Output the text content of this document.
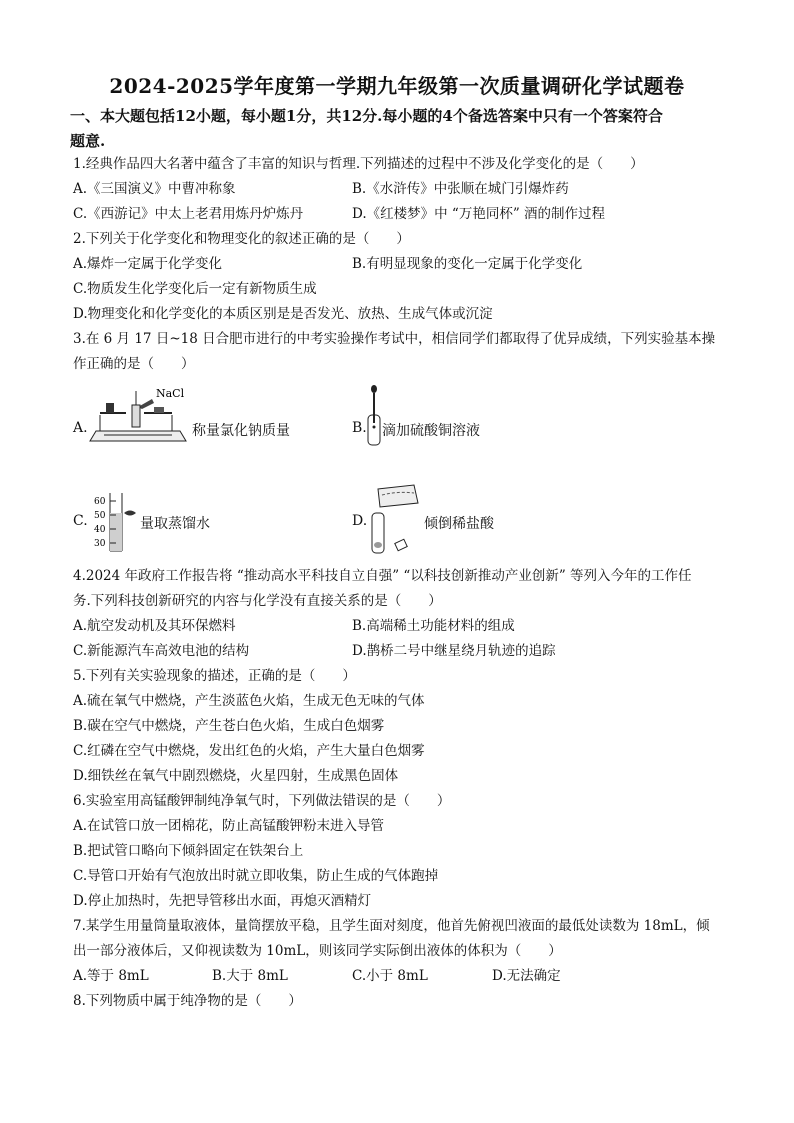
2024-2025学年度第一学期九年级第一次质量调研化学试题卷
一、本大题包括12小题，每小题1分，共12分.每小题的4个备选答案中只有一个答案符合
题意.
1.经典作品四大名著中蕴含了丰富的知识与哲理.下列描述的过程中不涉及化学变化的是（　　）
A.《三国演义》中曹冲称象	B.《水浒传》中张顺在城门引爆炸药
C.《西游记》中太上老君用炼丹炉炼丹	D.《红楼梦》中 “万艳同杯” 酒的制作过程
2.下列关于化学变化和物理变化的叙述正确的是（　　）
A.爆炸一定属于化学变化	B.有明显现象的变化一定属于化学变化
C.物质发生化学变化后一定有新物质生成
D.物理变化和化学变化的本质区别是是否发光、放热、生成气体或沉淀
3.在 6 月 17 日~18 日合肥市进行的中考实验操作考试中，相信同学们都取得了优异成绩，下列实验基本操
作正确的是（　　）
A.
NaCl
称量氯化钠质量	B. 滴加硫酸铜溶液
C.
60
50
40
30
量取蒸馏水	D.	倾倒稀盐酸
4.2024 年政府工作报告将 “推动高水平科技自立自强” “以科技创新推动产业创新” 等列入今年的工作任
务.下列科技创新研究的内容与化学没有直接关系的是（　　）
A.航空发动机及其环保燃料	B.高端稀土功能材料的组成
C.新能源汽车高效电池的结构	D.鹊桥二号中继星绕月轨迹的追踪
5.下列有关实验现象的描述，正确的是（　　）
A.硫在氧气中燃烧，产生淡蓝色火焰，生成无色无味的气体
B.碳在空气中燃烧，产生苍白色火焰，生成白色烟雾
C.红磷在空气中燃烧，发出红色的火焰，产生大量白色烟雾
D.细铁丝在氧气中剧烈燃烧，火星四射，生成黑色固体
6.实验室用高锰酸钾制纯净氧气时，下列做法错误的是（　　）
A.在试管口放一团棉花，防止高锰酸钾粉末进入导管
B.把试管口略向下倾斜固定在铁架台上
C.导管口开始有气泡放出时就立即收集，防止生成的气体跑掉
D.停止加热时，先把导管移出水面，再熄灭酒精灯
7.某学生用量筒量取液体，量筒摆放平稳，且学生面对刻度，他首先俯视凹液面的最低处读数为 18mL，倾
出一部分液体后，又仰视读数为 10mL，则该同学实际倒出液体的体积为（　　）
A.等于 8mL	B.大于 8mL	C.小于 8mL	D.无法确定
8.下列物质中属于纯净物的是（　　）
